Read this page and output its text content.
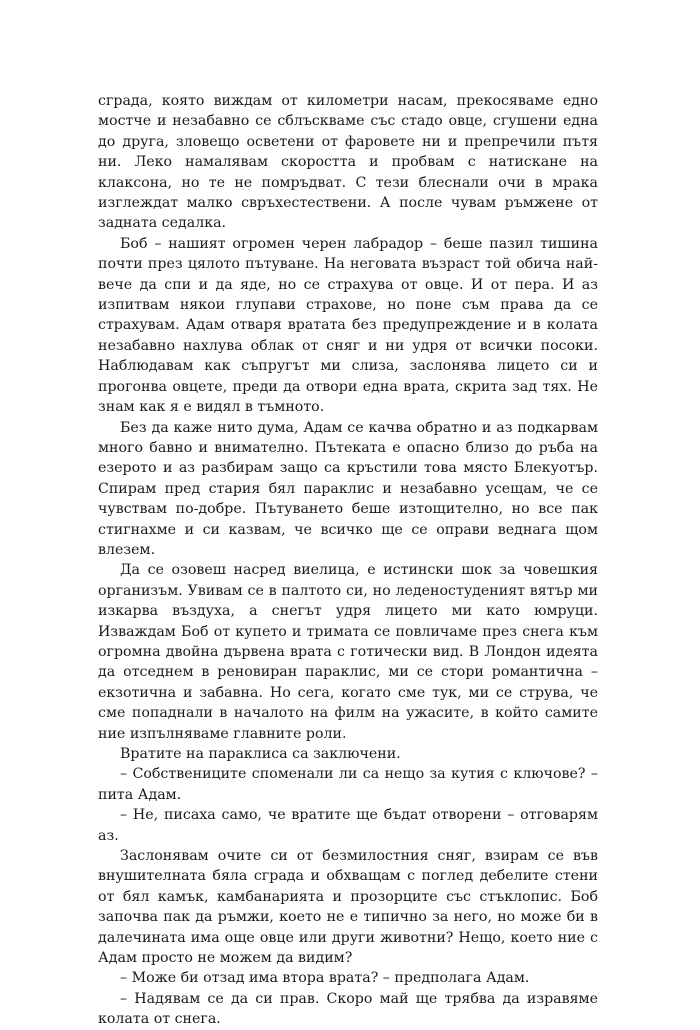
сграда, която виждам от километри насам, прекосяваме едно мостче и незабавно се сблъскваме със стадо овце, сгушени една до друга, зловещо осветени от фаровете ни и препречили пътя ни. Леко намалявам скоростта и пробвам с натискане на клаксона, но те не помръдват. С тези блеснали очи в мрака изглеждат малко свръхестествени. А после чувам ръмжене от задната седалка.

Боб – нашият огромен черен лабрадор – беше пазил тишина почти през цялото пътуване. На неговата възраст той обича най-вече да спи и да яде, но се страхува от овце. И от пера. И аз изпитвам някои глупави страхове, но поне съм права да се страхувам. Адам отваря вратата без предупреждение и в колата незабавно нахлува облак от сняг и ни удря от всички посоки. Наблюдавам как съпругът ми слиза, заслонява лицето си и прогонва овцете, преди да отвори една врата, скрита зад тях. Не знам как я е видял в тъмното.

Без да каже нито дума, Адам се качва обратно и аз подкарвам много бавно и внимателно. Пътеката е опасно близо до ръба на езерото и аз разбирам защо са кръстили това място Блекуотър. Спирам пред стария бял параклис и незабавно усещам, че се чувствам по-добре. Пътуването беше изтощително, но все пак стигнахме и си казвам, че всичко ще се оправи веднага щом влезем.

Да се озовеш насред виелица, е истински шок за човешкия организъм. Увивам се в палтото си, но леденостуденият вятър ми изкарва въздуха, а снегът удря лицето ми като юмруци. Изваждам Боб от купето и тримата се повличаме през снега към огромна двойна дървена врата с готически вид. В Лондон идеята да отседнем в реновиран параклис, ми се стори романтична – екзотична и забавна. Но сега, когато сме тук, ми се струва, че сме попаднали в началото на филм на ужасите, в който самите ние изпълняваме главните роли.

Вратите на параклиса са заключени.

– Собствениците споменали ли са нещо за кутия с ключове? – пита Адам.

– Не, писаха само, че вратите ще бъдат отворени – отговарям аз.

Заслонявам очите си от безмилостния сняг, взирам се във внушителната бяла сграда и обхващам с поглед дебелите стени от бял камък, камбанарията и прозорците със стъклопис. Боб започва пак да ръмжи, което не е типично за него, но може би в далечината има още овце или други животни? Нещо, което ние с Адам просто не можем да видим?

– Може би отзад има втора врата? – предполага Адам.

– Надявам се да си прав. Скоро май ще трябва да изравяме колата от снега.
